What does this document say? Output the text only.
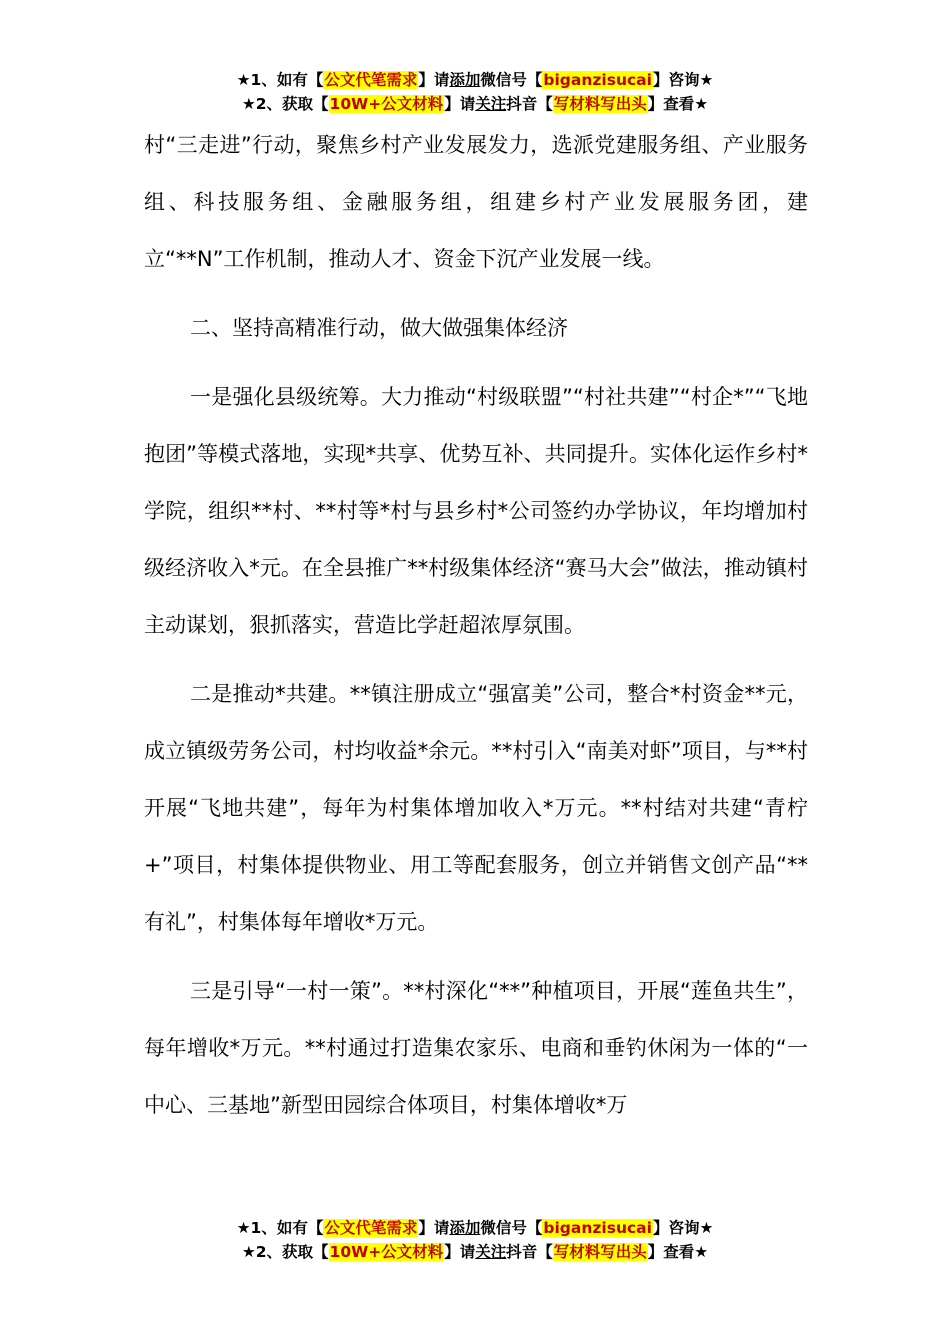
★1、如有【公文代笔需求】请添加微信号【biganzisucai】咨询★
★2、获取【10W+公文材料】请关注抖音【写材料写出头】查看★

村“三走进”行动，聚焦乡村产业发展发力，选派党建服务组、产业服务组、科技服务组、金融服务组，组建乡村产业发展服务团，建立“**N”工作机制，推动人才、资金下沉产业发展一线。

二、坚持高精准行动，做大做强集体经济

一是强化县级统筹。大力推动“村级联盟”“村社共建”“村企*”“飞地抱团”等模式落地，实现*共享、优势互补、共同提升。实体化运作乡村*学院，组织**村、**村等*村与县乡村*公司签约办学协议，年均增加村级经济收入*元。在全县推广**村级集体经济“赛马大会”做法，推动镇村主动谋划，狠抓落实，营造比学赶超浓厚氛围。

二是推动*共建。**镇注册成立“强富美”公司，整合*村资金**元，成立镇级劳务公司，村均收益*余元。**村引入“南美对虾”项目，与**村开展“飞地共建”，每年为村集体增加收入*万元。**村结对共建“青柠+”项目，村集体提供物业、用工等配套服务，创立并销售文创产品“**有礼”，村集体每年增收*万元。

三是引导“一村一策”。**村深化“**”种植项目，开展“莲鱼共生”，每年增收*万元。**村通过打造集农家乐、电商和垂钓休闲为一体的“一中心、三基地”新型田园综合体项目，村集体增收*万

★1、如有【公文代笔需求】请添加微信号【biganzisucai】咨询★
★2、获取【10W+公文材料】请关注抖音【写材料写出头】查看★
